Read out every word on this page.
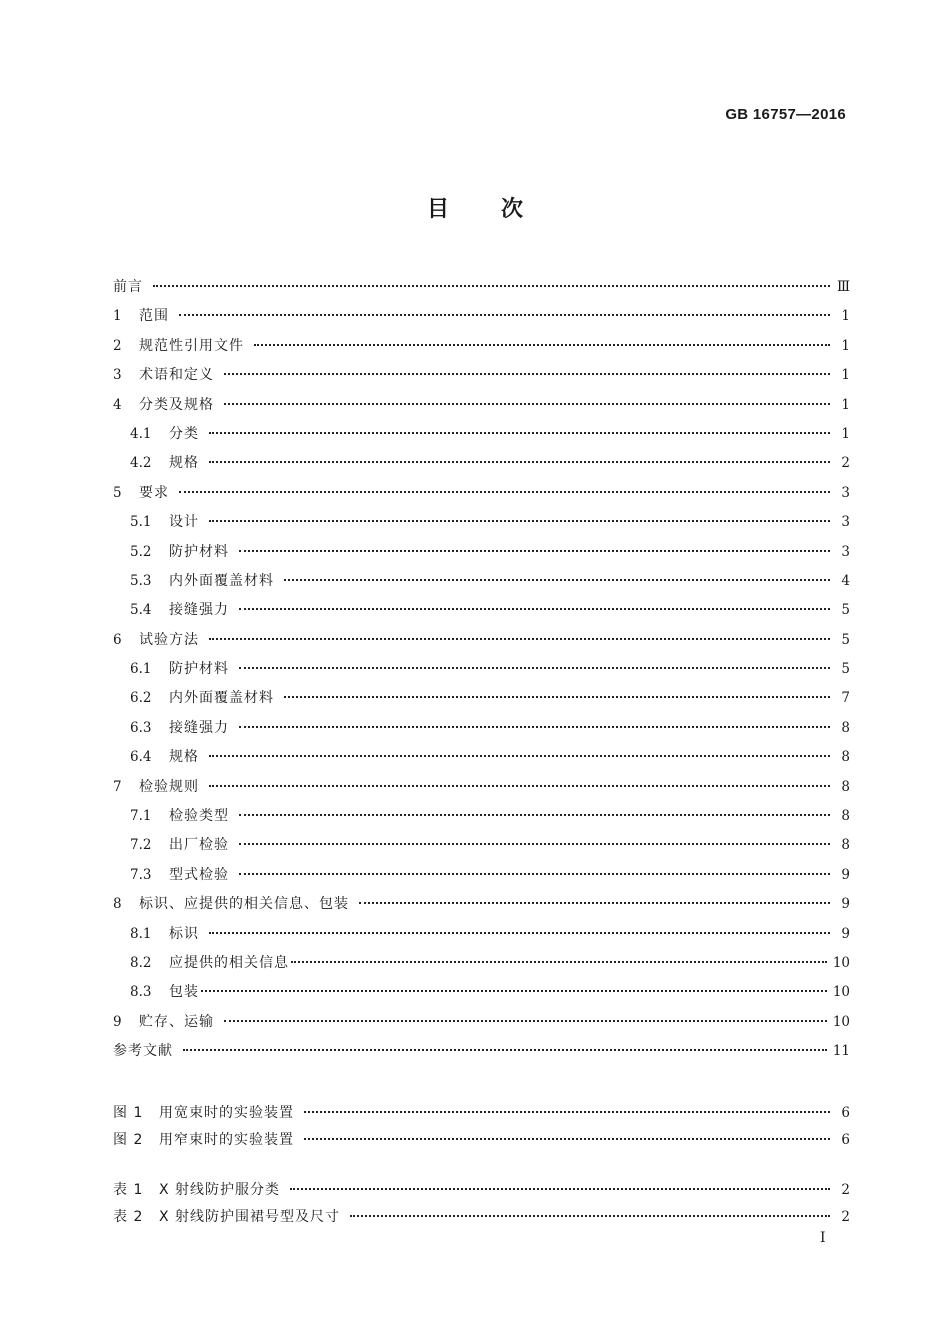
GB 16757—2016
目次
前言	Ⅲ
1	范围	1
2	规范性引用文件	1
3	术语和定义	1
4	分类及规格	1
4.1	分类	1
4.2	规格	2
5	要求	3
5.1	设计	3
5.2	防护材料	3
5.3	内外面覆盖材料	4
5.4	接缝强力	5
6	试验方法	5
6.1	防护材料	5
6.2	内外面覆盖材料	7
6.3	接缝强力	8
6.4	规格	8
7	检验规则	8
7.1	检验类型	8
7.2	出厂检验	8
7.3	型式检验	9
8	标识、应提供的相关信息、包装	9
8.1	标识	9
8.2	应提供的相关信息	10
8.3	包装	10
9	贮存、运输	10
参考文献	11
图 1	用宽束时的实验装置	6
图 2	用窄束时的实验装置	6
表 1	X 射线防护服分类	2
表 2	X 射线防护围裙号型及尺寸	2
I
